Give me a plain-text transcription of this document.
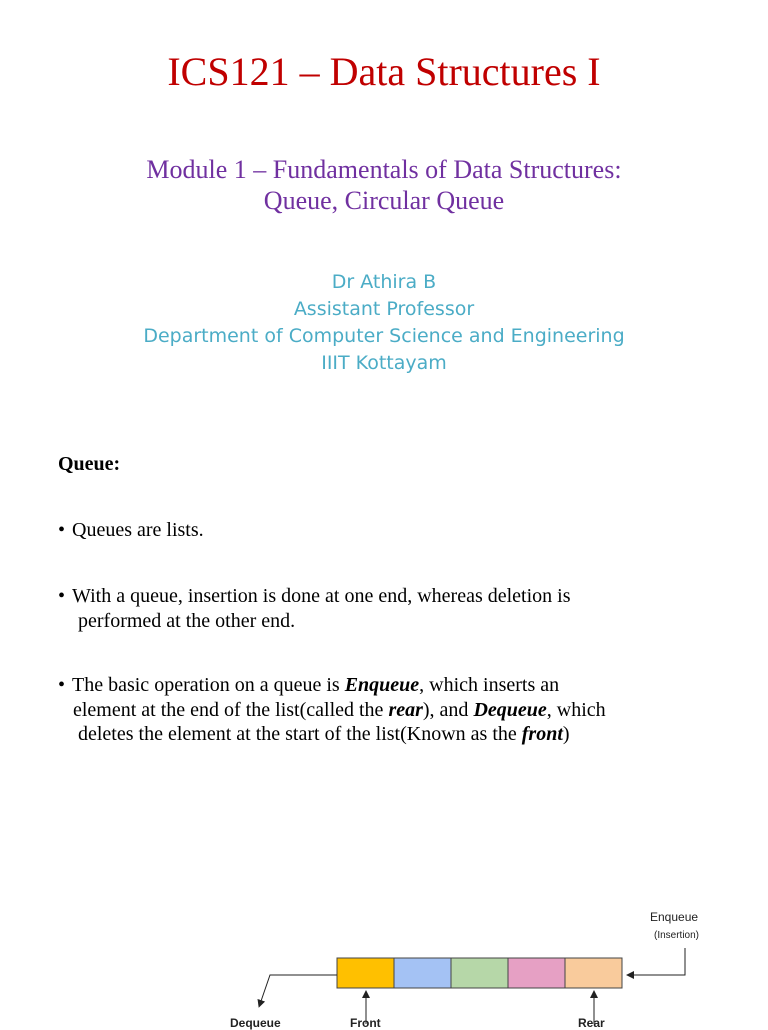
ICS121 – Data Structures I
Module 1 – Fundamentals of Data Structures:
Queue, Circular Queue
Dr Athira B
Assistant Professor
Department of Computer Science and Engineering
IIIT Kottayam
Queue:
• Queues are lists.
• With a queue, insertion is done at one end, whereas deletion is
performed at the other end.
• The basic operation on a queue is Enqueue, which inserts an
element at the end of the list(called the rear), and Dequeue, which
deletes the element at the start of the list(Known as the front)
Enqueue
(Insertion)
Dequeue	Front	Rear
